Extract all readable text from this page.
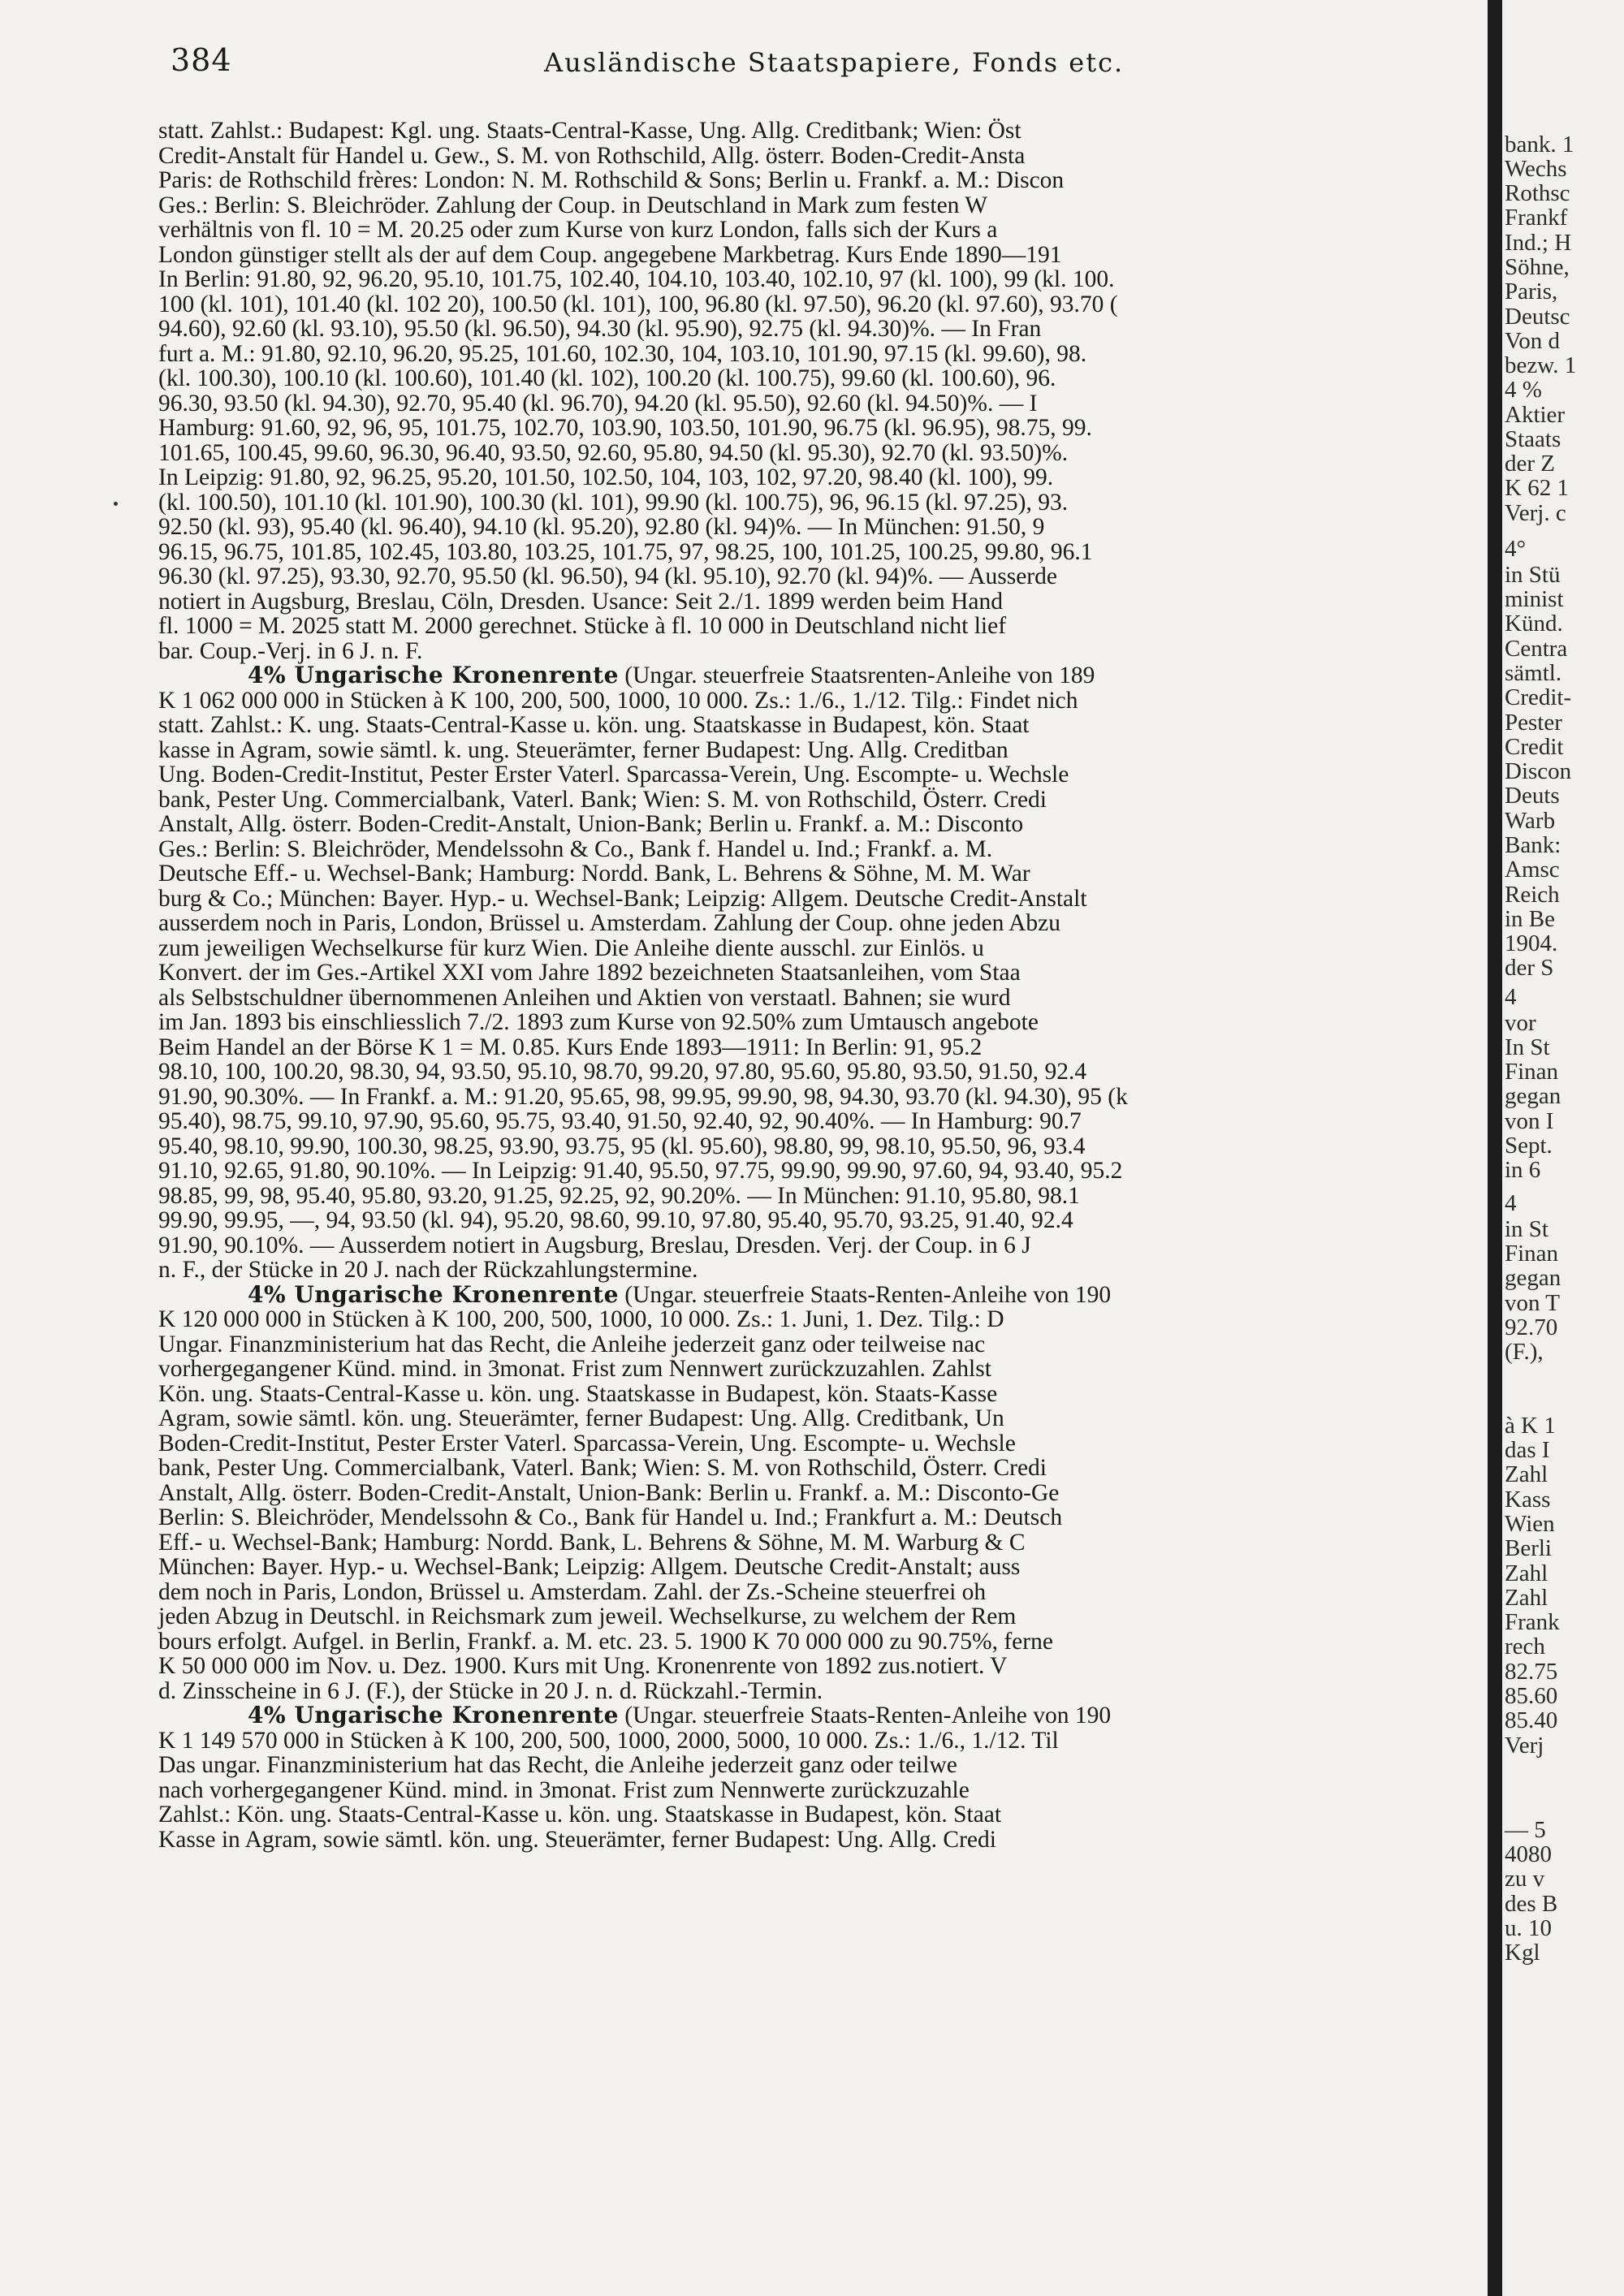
384	Ausländische Staatspapiere, Fonds etc.
statt. Zahlst.: Budapest: Kgl. ung. Staats-Central-Kasse, Ung. Allg. Creditbank; Wien: Öst
Credit-Anstalt für Handel u. Gew., S. M. von Rothschild, Allg. österr. Boden-Credit-Ansta
Paris: de Rothschild frères: London: N. M. Rothschild & Sons; Berlin u. Frankf. a. M.: Discon
Ges.: Berlin: S. Bleichröder. Zahlung der Coup. in Deutschland in Mark zum festen W
verhältnis von fl. 10 = M. 20.25 oder zum Kurse von kurz London, falls sich der Kurs a
London günstiger stellt als der auf dem Coup. angegebene Markbetrag. Kurs Ende 1890—191
In Berlin: 91.80, 92, 96.20, 95.10, 101.75, 102.40, 104.10, 103.40, 102.10, 97 (kl. 100), 99 (kl. 100.
100 (kl. 101), 101.40 (kl. 102 20), 100.50 (kl. 101), 100, 96.80 (kl. 97.50), 96.20 (kl. 97.60), 93.70 (
94.60), 92.60 (kl. 93.10), 95.50 (kl. 96.50), 94.30 (kl. 95.90), 92.75 (kl. 94.30)%. — In Fran
furt a. M.: 91.80, 92.10, 96.20, 95.25, 101.60, 102.30, 104, 103.10, 101.90, 97.15 (kl. 99.60), 98.
(kl. 100.30), 100.10 (kl. 100.60), 101.40 (kl. 102), 100.20 (kl. 100.75), 99.60 (kl. 100.60), 96.
96.30, 93.50 (kl. 94.30), 92.70, 95.40 (kl. 96.70), 94.20 (kl. 95.50), 92.60 (kl. 94.50)%. — I
Hamburg: 91.60, 92, 96, 95, 101.75, 102.70, 103.90, 103.50, 101.90, 96.75 (kl. 96.95), 98.75, 99.
101.65, 100.45, 99.60, 96.30, 96.40, 93.50, 92.60, 95.80, 94.50 (kl. 95.30), 92.70 (kl. 93.50)%.
In Leipzig: 91.80, 92, 96.25, 95.20, 101.50, 102.50, 104, 103, 102, 97.20, 98.40 (kl. 100), 99.
(kl. 100.50), 101.10 (kl. 101.90), 100.30 (kl. 101), 99.90 (kl. 100.75), 96, 96.15 (kl. 97.25), 93.
92.50 (kl. 93), 95.40 (kl. 96.40), 94.10 (kl. 95.20), 92.80 (kl. 94)%. — In München: 91.50, 9
96.15, 96.75, 101.85, 102.45, 103.80, 103.25, 101.75, 97, 98.25, 100, 101.25, 100.25, 99.80, 96.1
96.30 (kl. 97.25), 93.30, 92.70, 95.50 (kl. 96.50), 94 (kl. 95.10), 92.70 (kl. 94)%. — Ausserde
notiert in Augsburg, Breslau, Cöln, Dresden. Usance: Seit 2./1. 1899 werden beim Hand
fl. 1000 = M. 2025 statt M. 2000 gerechnet. Stücke à fl. 10 000 in Deutschland nicht lief
bar. Coup.-Verj. in 6 J. n. F.
4% Ungarische Kronenrente (Ungar. steuerfreie Staatsrenten-Anleihe von 189
K 1 062 000 000 in Stücken à K 100, 200, 500, 1000, 10 000. Zs.: 1./6., 1./12. Tilg.: Findet nich
statt. Zahlst.: K. ung. Staats-Central-Kasse u. kön. ung. Staatskasse in Budapest, kön. Staat
kasse in Agram, sowie sämtl. k. ung. Steuerämter, ferner Budapest: Ung. Allg. Creditban
Ung. Boden-Credit-Institut, Pester Erster Vaterl. Sparcassa-Verein, Ung. Escompte- u. Wechsle
bank, Pester Ung. Commercialbank, Vaterl. Bank; Wien: S. M. von Rothschild, Österr. Credi
Anstalt, Allg. österr. Boden-Credit-Anstalt, Union-Bank; Berlin u. Frankf. a. M.: Disconto
Ges.: Berlin: S. Bleichröder, Mendelssohn & Co., Bank f. Handel u. Ind.; Frankf. a. M.
Deutsche Eff.- u. Wechsel-Bank; Hamburg: Nordd. Bank, L. Behrens & Söhne, M. M. War
burg & Co.; München: Bayer. Hyp.- u. Wechsel-Bank; Leipzig: Allgem. Deutsche Credit-Anstalt
ausserdem noch in Paris, London, Brüssel u. Amsterdam. Zahlung der Coup. ohne jeden Abzu
zum jeweiligen Wechselkurse für kurz Wien. Die Anleihe diente ausschl. zur Einlös. u
Konvert. der im Ges.-Artikel XXI vom Jahre 1892 bezeichneten Staatsanleihen, vom Staa
als Selbstschuldner übernommenen Anleihen und Aktien von verstaatl. Bahnen; sie wurd
im Jan. 1893 bis einschliesslich 7./2. 1893 zum Kurse von 92.50% zum Umtausch angebote
Beim Handel an der Börse K 1 = M. 0.85. Kurs Ende 1893—1911: In Berlin: 91, 95.2
98.10, 100, 100.20, 98.30, 94, 93.50, 95.10, 98.70, 99.20, 97.80, 95.60, 95.80, 93.50, 91.50, 92.4
91.90, 90.30%. — In Frankf. a. M.: 91.20, 95.65, 98, 99.95, 99.90, 98, 94.30, 93.70 (kl. 94.30), 95 (k
95.40), 98.75, 99.10, 97.90, 95.60, 95.75, 93.40, 91.50, 92.40, 92, 90.40%. — In Hamburg: 90.7
95.40, 98.10, 99.90, 100.30, 98.25, 93.90, 93.75, 95 (kl. 95.60), 98.80, 99, 98.10, 95.50, 96, 93.4
91.10, 92.65, 91.80, 90.10%. — In Leipzig: 91.40, 95.50, 97.75, 99.90, 99.90, 97.60, 94, 93.40, 95.2
98.85, 99, 98, 95.40, 95.80, 93.20, 91.25, 92.25, 92, 90.20%. — In München: 91.10, 95.80, 98.1
99.90, 99.95, —, 94, 93.50 (kl. 94), 95.20, 98.60, 99.10, 97.80, 95.40, 95.70, 93.25, 91.40, 92.4
91.90, 90.10%. — Ausserdem notiert in Augsburg, Breslau, Dresden. Verj. der Coup. in 6 J
n. F., der Stücke in 20 J. nach der Rückzahlungstermine.
4% Ungarische Kronenrente (Ungar. steuerfreie Staats-Renten-Anleihe von 190
K 120 000 000 in Stücken à K 100, 200, 500, 1000, 10 000. Zs.: 1. Juni, 1. Dez. Tilg.: D
Ungar. Finanzministerium hat das Recht, die Anleihe jederzeit ganz oder teilweise nac
vorhergegangener Künd. mind. in 3monat. Frist zum Nennwert zurückzuzahlen. Zahlst
Kön. ung. Staats-Central-Kasse u. kön. ung. Staatskasse in Budapest, kön. Staats-Kasse
Agram, sowie sämtl. kön. ung. Steuerämter, ferner Budapest: Ung. Allg. Creditbank, Un
Boden-Credit-Institut, Pester Erster Vaterl. Sparcassa-Verein, Ung. Escompte- u. Wechsle
bank, Pester Ung. Commercialbank, Vaterl. Bank; Wien: S. M. von Rothschild, Österr. Credi
Anstalt, Allg. österr. Boden-Credit-Anstalt, Union-Bank: Berlin u. Frankf. a. M.: Disconto-Ge
Berlin: S. Bleichröder, Mendelssohn & Co., Bank für Handel u. Ind.; Frankfurt a. M.: Deutsch
Eff.- u. Wechsel-Bank; Hamburg: Nordd. Bank, L. Behrens & Söhne, M. M. Warburg & C
München: Bayer. Hyp.- u. Wechsel-Bank; Leipzig: Allgem. Deutsche Credit-Anstalt; auss
dem noch in Paris, London, Brüssel u. Amsterdam. Zahl. der Zs.-Scheine steuerfrei oh
jeden Abzug in Deutschl. in Reichsmark zum jeweil. Wechselkurse, zu welchem der Rem
bours erfolgt. Aufgel. in Berlin, Frankf. a. M. etc. 23. 5. 1900 K 70 000 000 zu 90.75%, ferne
K 50 000 000 im Nov. u. Dez. 1900. Kurs mit Ung. Kronenrente von 1892 zus.notiert. V
d. Zinsscheine in 6 J. (F.), der Stücke in 20 J. n. d. Rückzahl.-Termin.
4% Ungarische Kronenrente (Ungar. steuerfreie Staats-Renten-Anleihe von 190
K 1 149 570 000 in Stücken à K 100, 200, 500, 1000, 2000, 5000, 10 000. Zs.: 1./6., 1./12. Til
Das ungar. Finanzministerium hat das Recht, die Anleihe jederzeit ganz oder teilwe
nach vorhergegangener Künd. mind. in 3monat. Frist zum Nennwerte zurückzuzahle
Zahlst.: Kön. ung. Staats-Central-Kasse u. kön. ung. Staatskasse in Budapest, kön. Staat
Kasse in Agram, sowie sämtl. kön. ung. Steuerämter, ferner Budapest: Ung. Allg. Credi
bank. 1
Wechs
Rothsc
Frankf
Ind.; H
Söhne,
Paris,
Deutsc
Von d
bezw. 1
4 %
Aktier
Staats
der Z
K 62 1
Verj. c
4°
in Stü
minist
Künd.
Centra
sämtl.
Credit-
Pester
Credit
Discon
Deuts
Warb
Bank:
Amsc
Reich
in Be
1904.
der S
4
vor
In St
Finan
gegan
von I
Sept.
in 6
4
in St
Finan
gegan
von T
92.70
(F.),
à K 1
das I
Zahl
Kass
Wien
Berli
Zahl
Zahl
Frank
rech
82.75
85.60
85.40
Verj
— 5
4080
zu v
des B
u. 10
Kgl
